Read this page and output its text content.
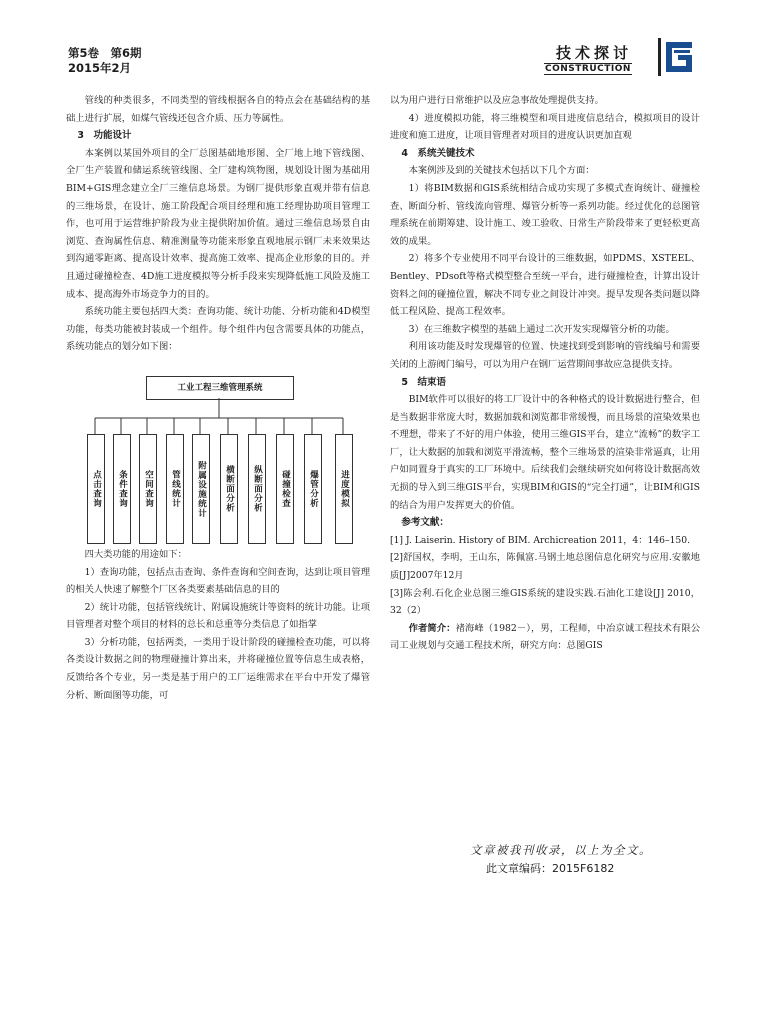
第5卷　第6期
2015年2月
技术探讨
CONSTRUCTION

管线的种类很多，不同类型的管线根据各自的特点会在基础结构的基础上进行扩展，如煤气管线还包含介质、压力等属性。

3　功能设计

本案例以某国外项目的全厂总图基础地形图、全厂地上地下管线图、全厂生产装置和储运系统管线图、全厂建构筑物图，规划设计图为基础用BIM+GIS理念建立全厂三维信息场景。为钢厂提供形象直观并带有信息的三维场景，在设计、施工阶段配合项目经理和施工经理协助项目管理工作，也可用于运营维护阶段为业主提供附加价值。通过三维信息场景自由浏览、查询属性信息、精准测量等功能来形象直观地展示钢厂未来效果达到沟通零距离、提高设计效率、提高施工效率、提高企业形象的目的。并且通过碰撞检查、4D施工进度模拟等分析手段来实现降低施工风险及施工成本、提高海外市场竞争力的目的。

系统功能主要包括四大类：查询功能、统计功能、分析功能和4D模型功能，每类功能被封装成一个组件。每个组件内包含需要具体的功能点，系统功能点的划分如下图：

四大类功能的用途如下：

1）查询功能，包括点击查询、条件查询和空间查询，达到让项目管理的相关人快速了解整个厂区各类要素基础信息的目的

2）统计功能，包括管线统计、附属设施统计等资料的统计功能。让项目管理者对整个项目的材料的总长和总重等分类信息了如指掌

3）分析功能，包括两类，一类用于设计阶段的碰撞检查功能，可以将各类设计数据之间的物理碰撞计算出来，并将碰撞位置等信息生成表格，反馈给各个专业，另一类是基于用户的工厂运维需求在平台中开发了爆管分析、断面图等功能，可

工业工程三维管理系统
点击查询 条件查询 空间查询 管线统计 附属设施统计 横断面分析 纵断面分析 碰撞检查 爆管分析 进度模拟

以为用户进行日常维护以及应急事故处理提供支持。

4）进度模拟功能，将三维模型和项目进度信息结合，模拟项目的设计进度和施工进度，让项目管理者对项目的进度认识更加直观

4　系统关键技术

本案例涉及到的关键技术包括以下几个方面：

1）将BIM数据和GIS系统相结合成功实现了多模式查询统计、碰撞检查、断面分析、管线流向管理、爆管分析等一系列功能。经过优化的总图管理系统在前期筹建、设计施工、竣工验收、日常生产阶段带来了更轻松更高效的成果。

2）将多个专业使用不同平台设计的三维数据，如PDMS、XSTEEL、Bentley、PDsoft等格式模型整合至统一平台，进行碰撞检查，计算出设计资料之间的碰撞位置，解决不同专业之间设计冲突。提早发现各类问题以降低工程风险、提高工程效率。

3）在三维数字模型的基础上通过二次开发实现爆管分析的功能。

利用该功能及时发现爆管的位置、快速找到受到影响的管线编号和需要关闭的上游阀门编号，可以为用户在钢厂运营期间事故应急提供支持。

5　结束语

BIM软件可以很好的将工厂设计中的各种格式的设计数据进行整合，但是当数据非常庞大时，数据加载和浏览都非常缓慢，而且场景的渲染效果也不理想，带来了不好的用户体验，使用三维GIS平台，建立“流畅”的数字工厂，让大数据的加载和浏览平滑流畅，整个三维场景的渲染非常逼真，让用户如同置身于真实的工厂环境中。后续我们会继续研究如何将设计数据高效无损的导入到三维GIS平台，实现BIM和GIS的“完全打通”，让BIM和GIS的结合为用户发挥更大的价值。

参考文献：

[1] J. Laiserin. History of BIM. Archicreation 2011，4：146–150.

[2]舒国权，李明，王山东，陈佩富.马钢土地总图信息化研究与应用.安徽地质[J]2007年12月

[3]陈会利.石化企业总图三维GIS系统的建设实践.石油化工建设[J] 2010，32（2）

作者简介：褚海峰（1982－），男，工程师，中冶京诚工程技术有限公司工业规划与交通工程技术所，研究方向：总图GIS

文章被我刊收录，以上为全文。
此文章编码：2015F6182
